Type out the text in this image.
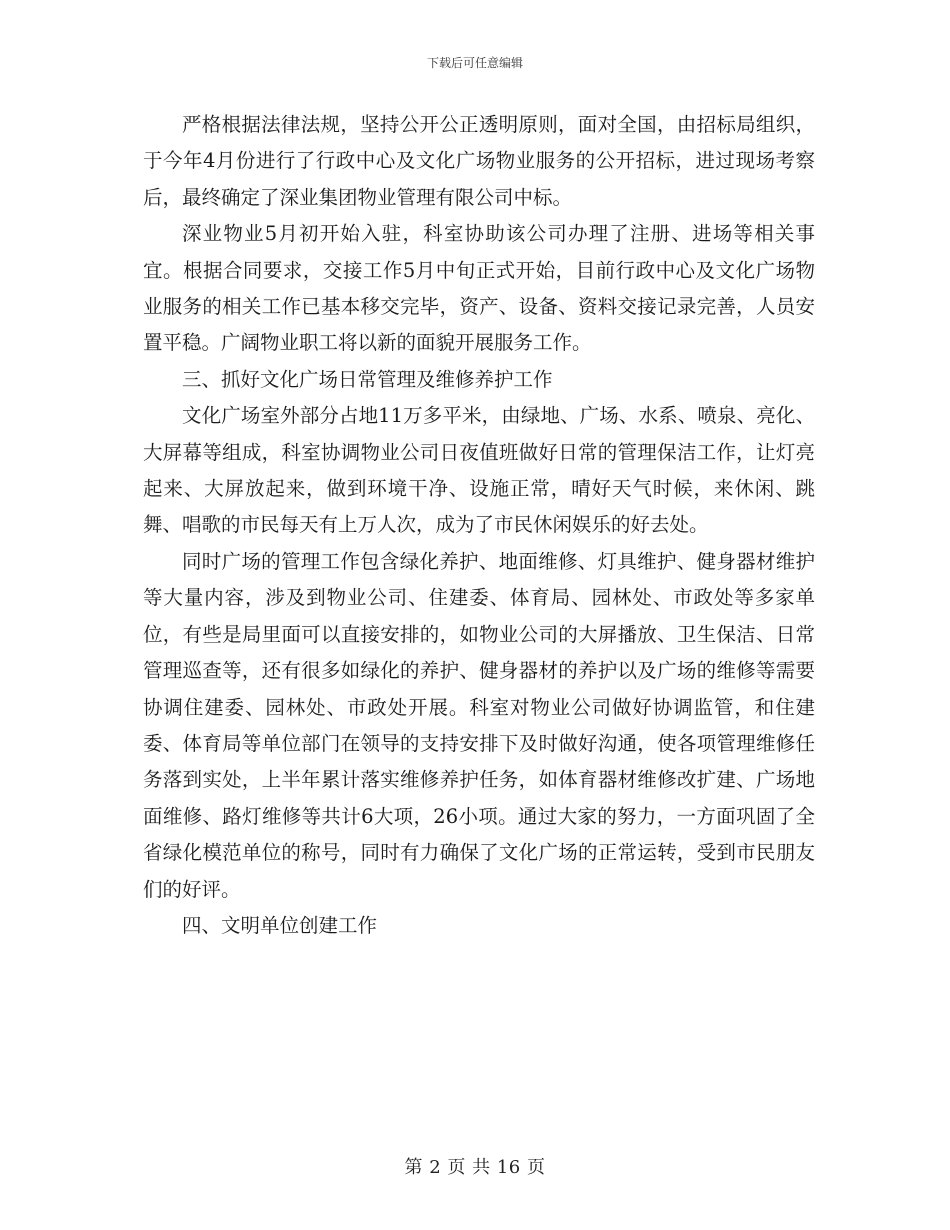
下载后可任意编辑

严格根据法律法规，坚持公开公正透明原则，面对全国，由招标局组织，于今年4月份进行了行政中心及文化广场物业服务的公开招标，进过现场考察后，最终确定了深业集团物业管理有限公司中标。

深业物业5月初开始入驻，科室协助该公司办理了注册、进场等相关事宜。根据合同要求，交接工作5月中旬正式开始，目前行政中心及文化广场物业服务的相关工作已基本移交完毕，资产、设备、资料交接记录完善，人员安置平稳。广阔物业职工将以新的面貌开展服务工作。

三、抓好文化广场日常管理及维修养护工作

文化广场室外部分占地11万多平米，由绿地、广场、水系、喷泉、亮化、大屏幕等组成，科室协调物业公司日夜值班做好日常的管理保洁工作，让灯亮起来、大屏放起来，做到环境干净、设施正常，晴好天气时候，来休闲、跳舞、唱歌的市民每天有上万人次，成为了市民休闲娱乐的好去处。

同时广场的管理工作包含绿化养护、地面维修、灯具维护、健身器材维护等大量内容，涉及到物业公司、住建委、体育局、园林处、市政处等多家单位，有些是局里面可以直接安排的，如物业公司的大屏播放、卫生保洁、日常管理巡查等，还有很多如绿化的养护、健身器材的养护以及广场的维修等需要协调住建委、园林处、市政处开展。科室对物业公司做好协调监管，和住建委、体育局等单位部门在领导的支持安排下及时做好沟通，使各项管理维修任务落到实处，上半年累计落实维修养护任务，如体育器材维修改扩建、广场地面维修、路灯维修等共计6大项，26小项。通过大家的努力，一方面巩固了全省绿化模范单位的称号，同时有力确保了文化广场的正常运转，受到市民朋友们的好评。

四、文明单位创建工作

第 2 页 共 16 页
